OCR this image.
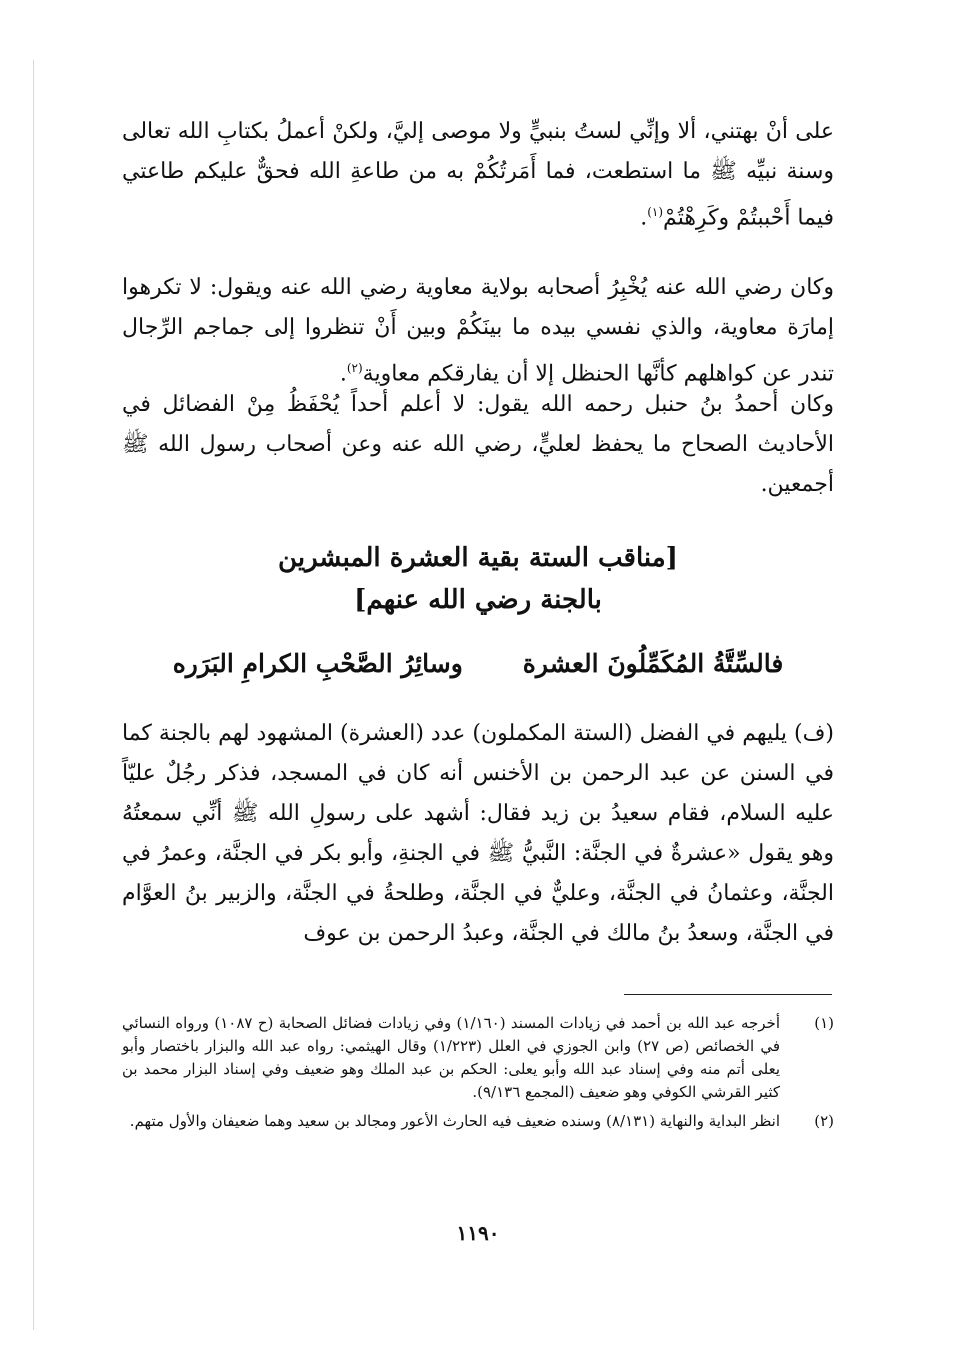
على أنْ بهتني، ألا وإنِّي لستُ بنبيٍّ ولا موصى إليَّ، ولكنْ أعملُ بكتابِ الله تعالى وسنة نبيِّه ﷺ ما استطعت، فما أَمَرتُكُمْ به من طاعةِ الله فحقٌّ عليكم طاعتي فيما أَحْببتُمْ وكَرِهْتُمْ$^{(١)}$.

وكان رضي الله عنه يُخْبِرُ أصحابه بولاية معاوية رضي الله عنه ويقول: لا تكرهوا إمارَة معاوية، والذي نفسي بيده ما بينَكُمْ وبين أَنْ تنظروا إلى جماجم الرِّجال تندر عن كواهلهم كأنَّها الحنظل إلا أن يفارقكم معاوية$^{(٢)}$.

وكان أحمدُ بنُ حنبل رحمه الله يقول: لا أعلم أحداً يُحْفَظُ مِنْ الفضائل في الأحاديث الصحاح ما يحفظ لعليٍّ، رضي الله عنه وعن أصحاب رسول الله ﷺ أجمعين.

[مناقب الستة بقية العشرة المبشرين
بالجنة رضي الله عنهم]
فالسِّتَّةُ المُكَمِّلُونَ العشرة
وسائِرُ الصَّحْبِ الكرامِ البَرَره

(ف) يليهم في الفضل (الستة المكملون) عدد (العشرة) المشهود لهم بالجنة كما في السنن عن عبد الرحمن بن الأخنس أنه كان في المسجد، فذكر رجُلٌ عليّاً عليه السلام، فقام سعيدُ بن زيد فقال: أشهد على رسولِ الله ﷺ أنِّي سمعتُهُ وهو يقول «عشرةٌ في الجنَّة: النَّبيُّ ﷺ في الجنةِ، وأبو بكر في الجنَّة، وعمرُ في الجنَّة، وعثمانُ في الجنَّة، وعليٌّ في الجنَّة، وطلحةُ في الجنَّة، والزبير بنُ العوَّام في الجنَّة، وسعدُ بنُ مالك في الجنَّة، وعبدُ الرحمن بن عوف

(١)
أخرجه عبد الله بن أحمد في زيادات المسند (١/١٦٠) وفي زيادات فضائل الصحابة (ح ١٠٨٧) ورواه النسائي في الخصائص (ص ٢٧) وابن الجوزي في العلل (١/٢٢٣) وقال الهيثمي: رواه عبد الله والبزار باختصار وأبو يعلى أتم منه وفي إسناد عبد الله وأبو يعلى: الحكم بن عبد الملك وهو ضعيف وفي إسناد البزار محمد بن كثير القرشي الكوفي وهو ضعيف (المجمع ٩/١٣٦).
(٢)
انظر البداية والنهاية (٨/١٣١) وسنده ضعيف فيه الحارث الأعور ومجالد بن سعيد وهما ضعيفان والأول متهم.
١١٩٠
